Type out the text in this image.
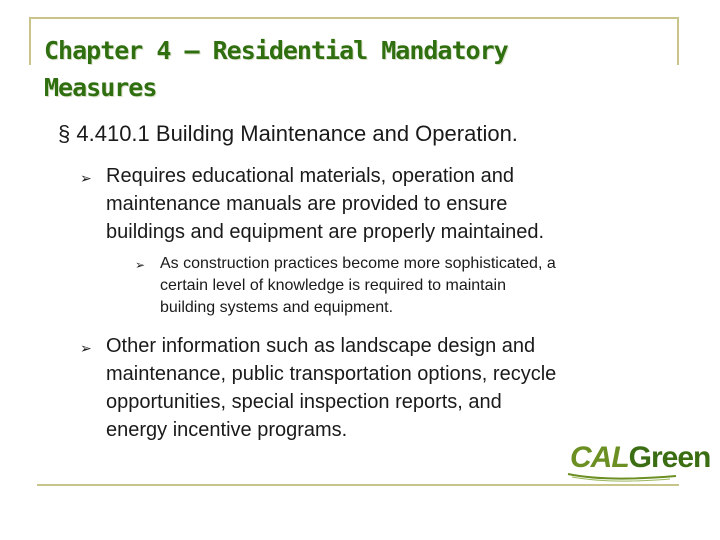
Chapter 4 – Residential Mandatory
Measures

§ 4.410.1 Building Maintenance and Operation.

➢ Requires educational materials, operation and
maintenance manuals are provided to ensure
buildings and equipment are properly maintained.

➢ As construction practices become more sophisticated, a
certain level of knowledge is required to maintain
building systems and equipment.

➢ Other information such as landscape design and
maintenance, public transportation options, recycle
opportunities, special inspection reports, and
energy incentive programs.

CALGreen
